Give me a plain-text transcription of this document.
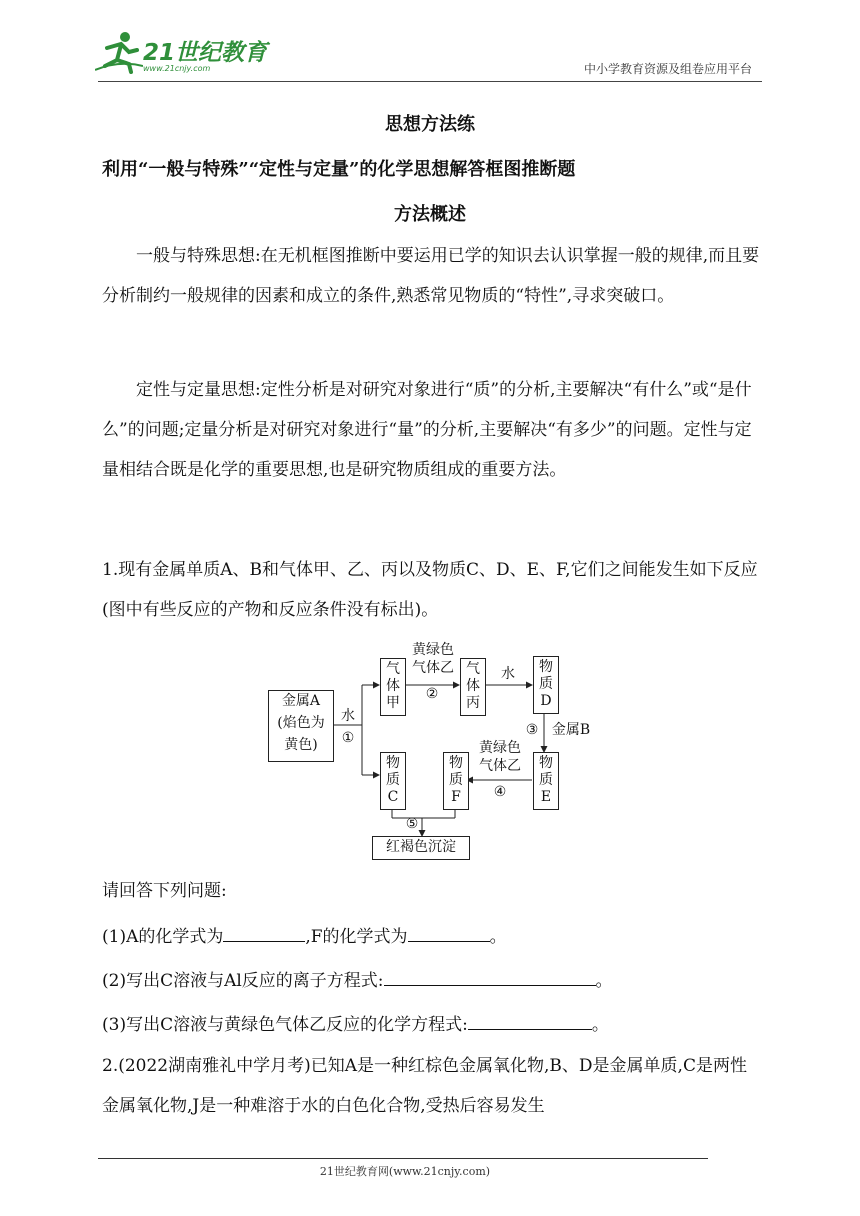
21世纪教育
www.21cnjy.com	中小学教育资源及组卷应用平台
思想方法练
利用“一般与特殊”“定性与定量”的化学思想解答框图推断题
方法概述

一般与特殊思想:在无机框图推断中要运用已学的知识去认识掌握一般的规律,而且要分析制约一般规律的因素和成立的条件,熟悉常见物质的“特性”,寻求突破口。

定性与定量思想:定性分析是对研究对象进行“质”的分析,主要解决“有什么”或“是什么”的问题;定量分析是对研究对象进行“量”的分析,主要解决“有多少”的问题。定性与定量相结合既是化学的重要思想,也是研究物质组成的重要方法。

1.现有金属单质A、B和气体甲、乙、丙以及物质C、D、E、F,它们之间能发生如下反应(图中有些反应的产物和反应条件没有标出)。

金属A
(焰色为
黄色)
水
①
气
体
甲
黄绿色
气体乙
②
气
体
丙
水	物
质
D
③ 金属B
物
质
E
黄绿色
气体乙
④
物
质
F
物
质
C
⑤
红褐色沉淀
请回答下列问题:
(1)A的化学式为	,F的化学式为	。
(2)写出C溶液与Al反应的离子方程式:	。
(3)写出C溶液与黄绿色气体乙反应的化学方程式:	。

2.(2022湖南雅礼中学月考)已知A是一种红棕色金属氧化物,B、D是金属单质,C是两性金属氧化物,J是一种难溶于水的白色化合物,受热后容易发生

21世纪教育网(www.21cnjy.com)
